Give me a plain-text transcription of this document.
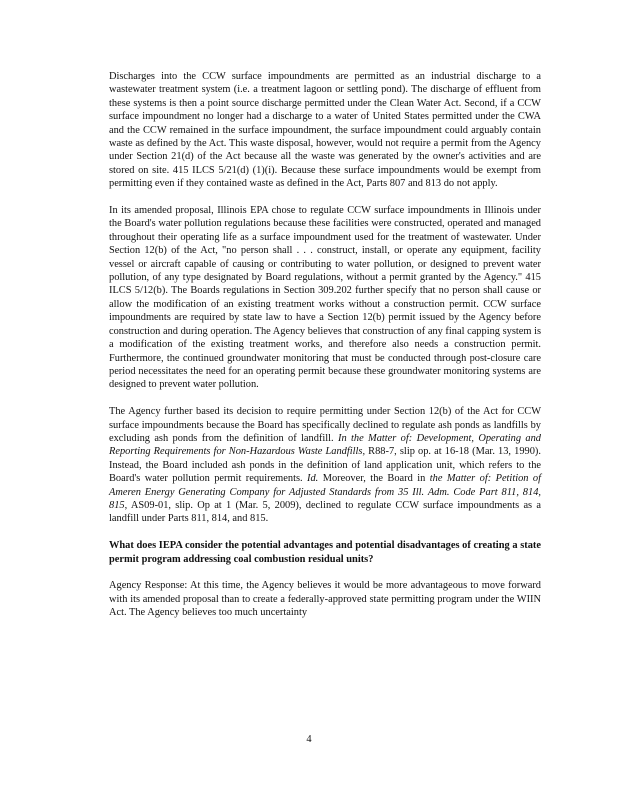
Discharges into the CCW surface impoundments are permitted as an industrial discharge to a wastewater treatment system (i.e. a treatment lagoon or settling pond). The discharge of effluent from these systems is then a point source discharge permitted under the Clean Water Act. Second, if a CCW surface impoundment no longer had a discharge to a water of United States permitted under the CWA and the CCW remained in the surface impoundment, the surface impoundment could arguably contain waste as defined by the Act. This waste disposal, however, would not require a permit from the Agency under Section 21(d) of the Act because all the waste was generated by the owner's activities and are stored on site. 415 ILCS 5/21(d) (1)(i). Because these surface impoundments would be exempt from permitting even if they contained waste as defined in the Act, Parts 807 and 813 do not apply.

In its amended proposal, Illinois EPA chose to regulate CCW surface impoundments in Illinois under the Board's water pollution regulations because these facilities were constructed, operated and managed throughout their operating life as a surface impoundment used for the treatment of wastewater. Under Section 12(b) of the Act, "no person shall . . . construct, install, or operate any equipment, facility vessel or aircraft capable of causing or contributing to water pollution, or designed to prevent water pollution, of any type designated by Board regulations, without a permit granted by the Agency." 415 ILCS 5/12(b). The Boards regulations in Section 309.202 further specify that no person shall cause or allow the modification of an existing treatment works without a construction permit. CCW surface impoundments are required by state law to have a Section 12(b) permit issued by the Agency before construction and during operation. The Agency believes that construction of any final capping system is a modification of the existing treatment works, and therefore also needs a construction permit. Furthermore, the continued groundwater monitoring that must be conducted through post-closure care period necessitates the need for an operating permit because these groundwater monitoring systems are designed to prevent water pollution.

The Agency further based its decision to require permitting under Section 12(b) of the Act for CCW surface impoundments because the Board has specifically declined to regulate ash ponds as landfills by excluding ash ponds from the definition of landfill. In the Matter of: Development, Operating and Reporting Requirements for Non-Hazardous Waste Landfills, R88-7, slip op. at 16-18 (Mar. 13, 1990). Instead, the Board included ash ponds in the definition of land application unit, which refers to the Board's water pollution permit requirements. Id. Moreover, the Board in the Matter of: Petition of Ameren Energy Generating Company for Adjusted Standards from 35 Ill. Adm. Code Part 811, 814, 815, AS09-01, slip. Op at 1 (Mar. 5, 2009), declined to regulate CCW surface impoundments as a landfill under Parts 811, 814, and 815.

What does IEPA consider the potential advantages and potential disadvantages of creating a state permit program addressing coal combustion residual units?

Agency Response: At this time, the Agency believes it would be more advantageous to move forward with its amended proposal than to create a federally-approved state permitting program under the WIIN Act. The Agency believes too much uncertainty

4
